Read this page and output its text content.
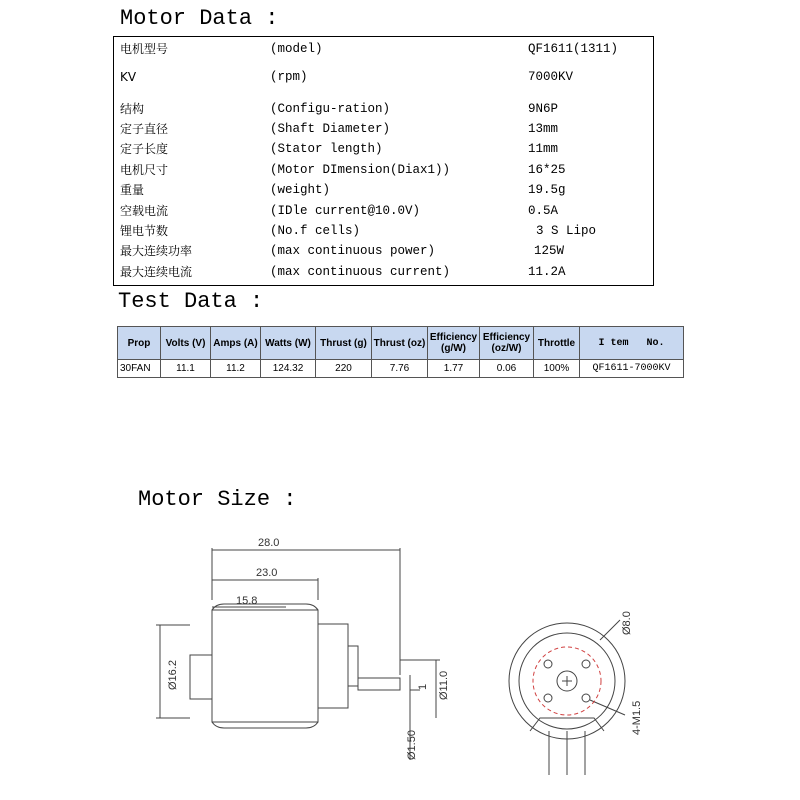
Motor Data :
电机型号	(model)	QF1611(1311)
KV	(rpm)	7000KV
结构	(Configu-ration)	9N6P
定子直径	(Shaft Diameter)	13mm
定子长度	(Stator length)	11mm
电机尺寸	(Motor DImension(Diax1))	16*25
重量	(weight)	19.5g
空载电流	(IDle current@10.0V)	0.5A
锂电节数	(No.f cells)	3 S Lipo
最大连续功率	(max continuous power)	125W
最大连续电流	(max continuous current)	11.2A
Test Data :
Prop	Volts (V)	Amps (A)	Watts (W)	Thrust (g)	Thrust (oz)	Efficiency (g/W)	Efficiency (oz/W)	Throttle	I tem   No.
30FAN	11.1	11.2	124.32	220	7.76	1.77	0.06	100%	QF1611-7000KV
Motor Size :
28.0
23.0
15.8
Ø16.2	Ø11.0
Ø1.50
Ø8.0
4-M1.5
1
